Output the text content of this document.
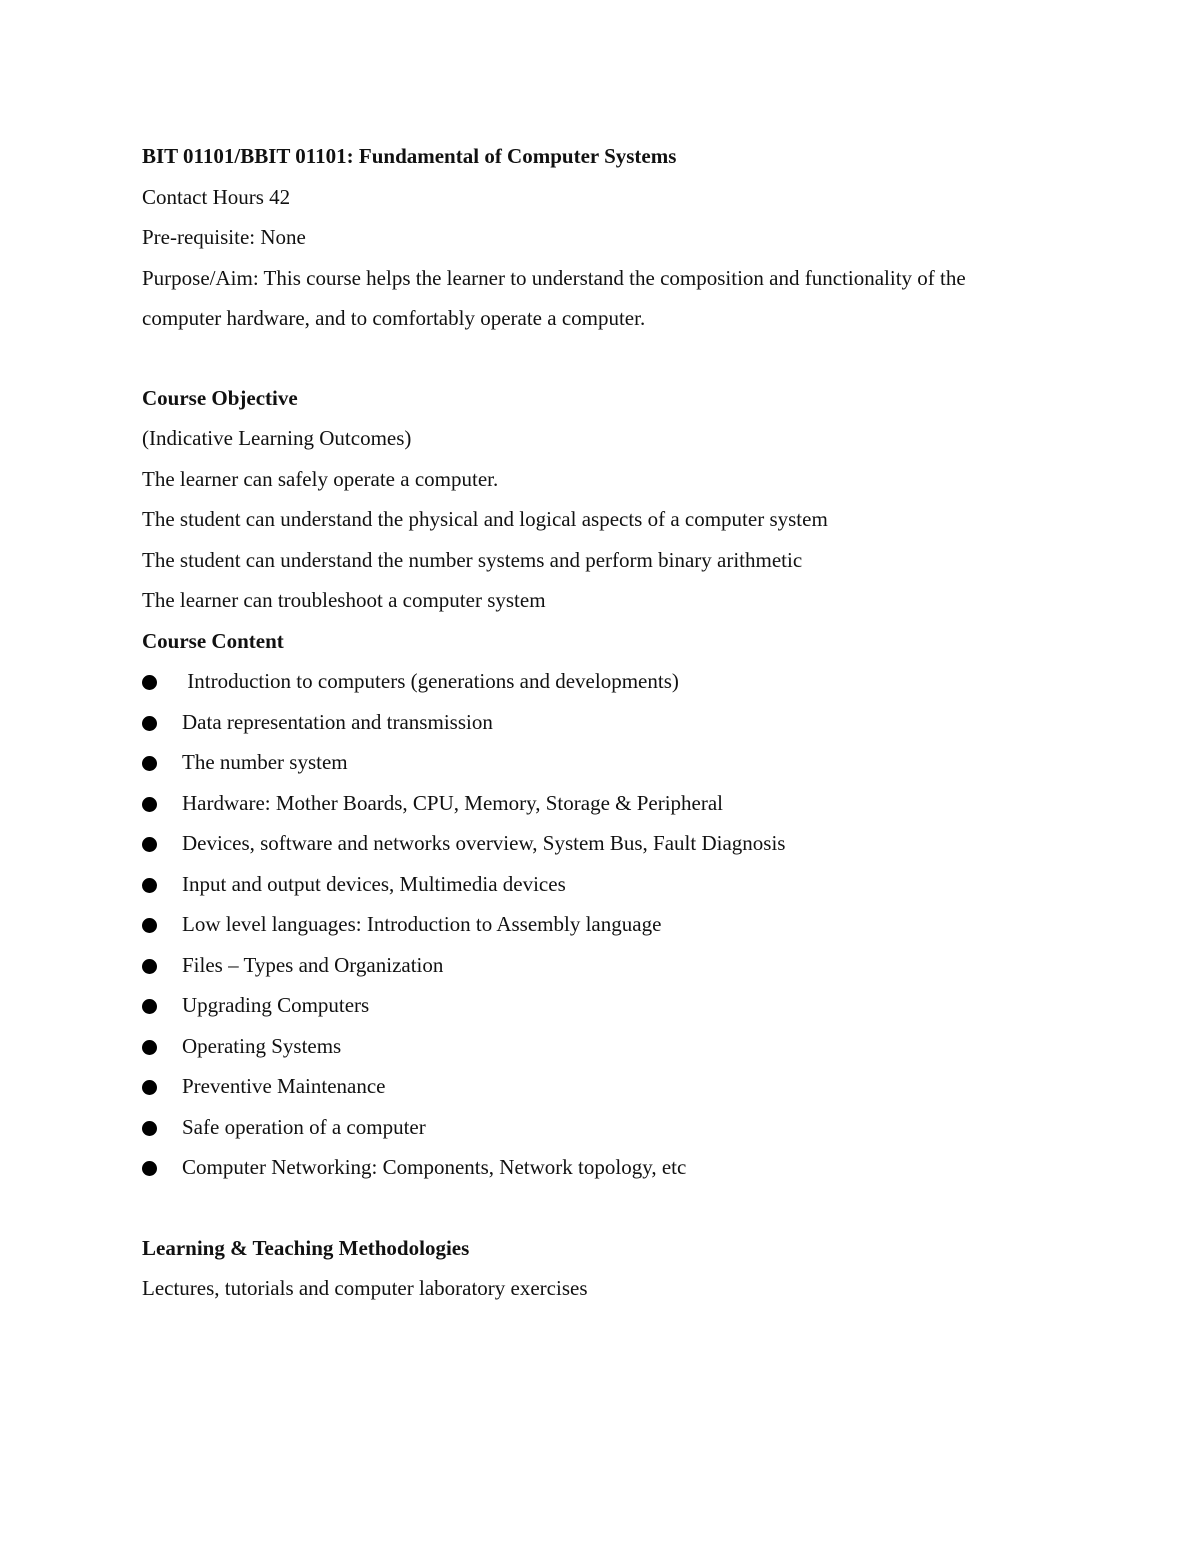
BIT 01101/BBIT 01101: Fundamental of Computer Systems
Contact Hours 42
Pre-requisite: None
Purpose/Aim: This course helps the learner to understand the composition and functionality of the computer hardware, and to comfortably operate a computer.
Course Objective
(Indicative Learning Outcomes)
The learner can safely operate a computer.
The student can understand the physical and logical aspects of a computer system
The student can understand the number systems and perform binary arithmetic
The learner can troubleshoot a computer system
Course Content
Introduction to computers (generations and developments)
Data representation and transmission
The number system
Hardware: Mother Boards, CPU, Memory, Storage & Peripheral
Devices, software and networks overview, System Bus, Fault Diagnosis
Input and output devices, Multimedia devices
Low level languages: Introduction to Assembly language
Files – Types and Organization
Upgrading Computers
Operating Systems
Preventive Maintenance
Safe operation of a computer
Computer Networking: Components, Network topology, etc
Learning & Teaching Methodologies
Lectures, tutorials and computer laboratory exercises
